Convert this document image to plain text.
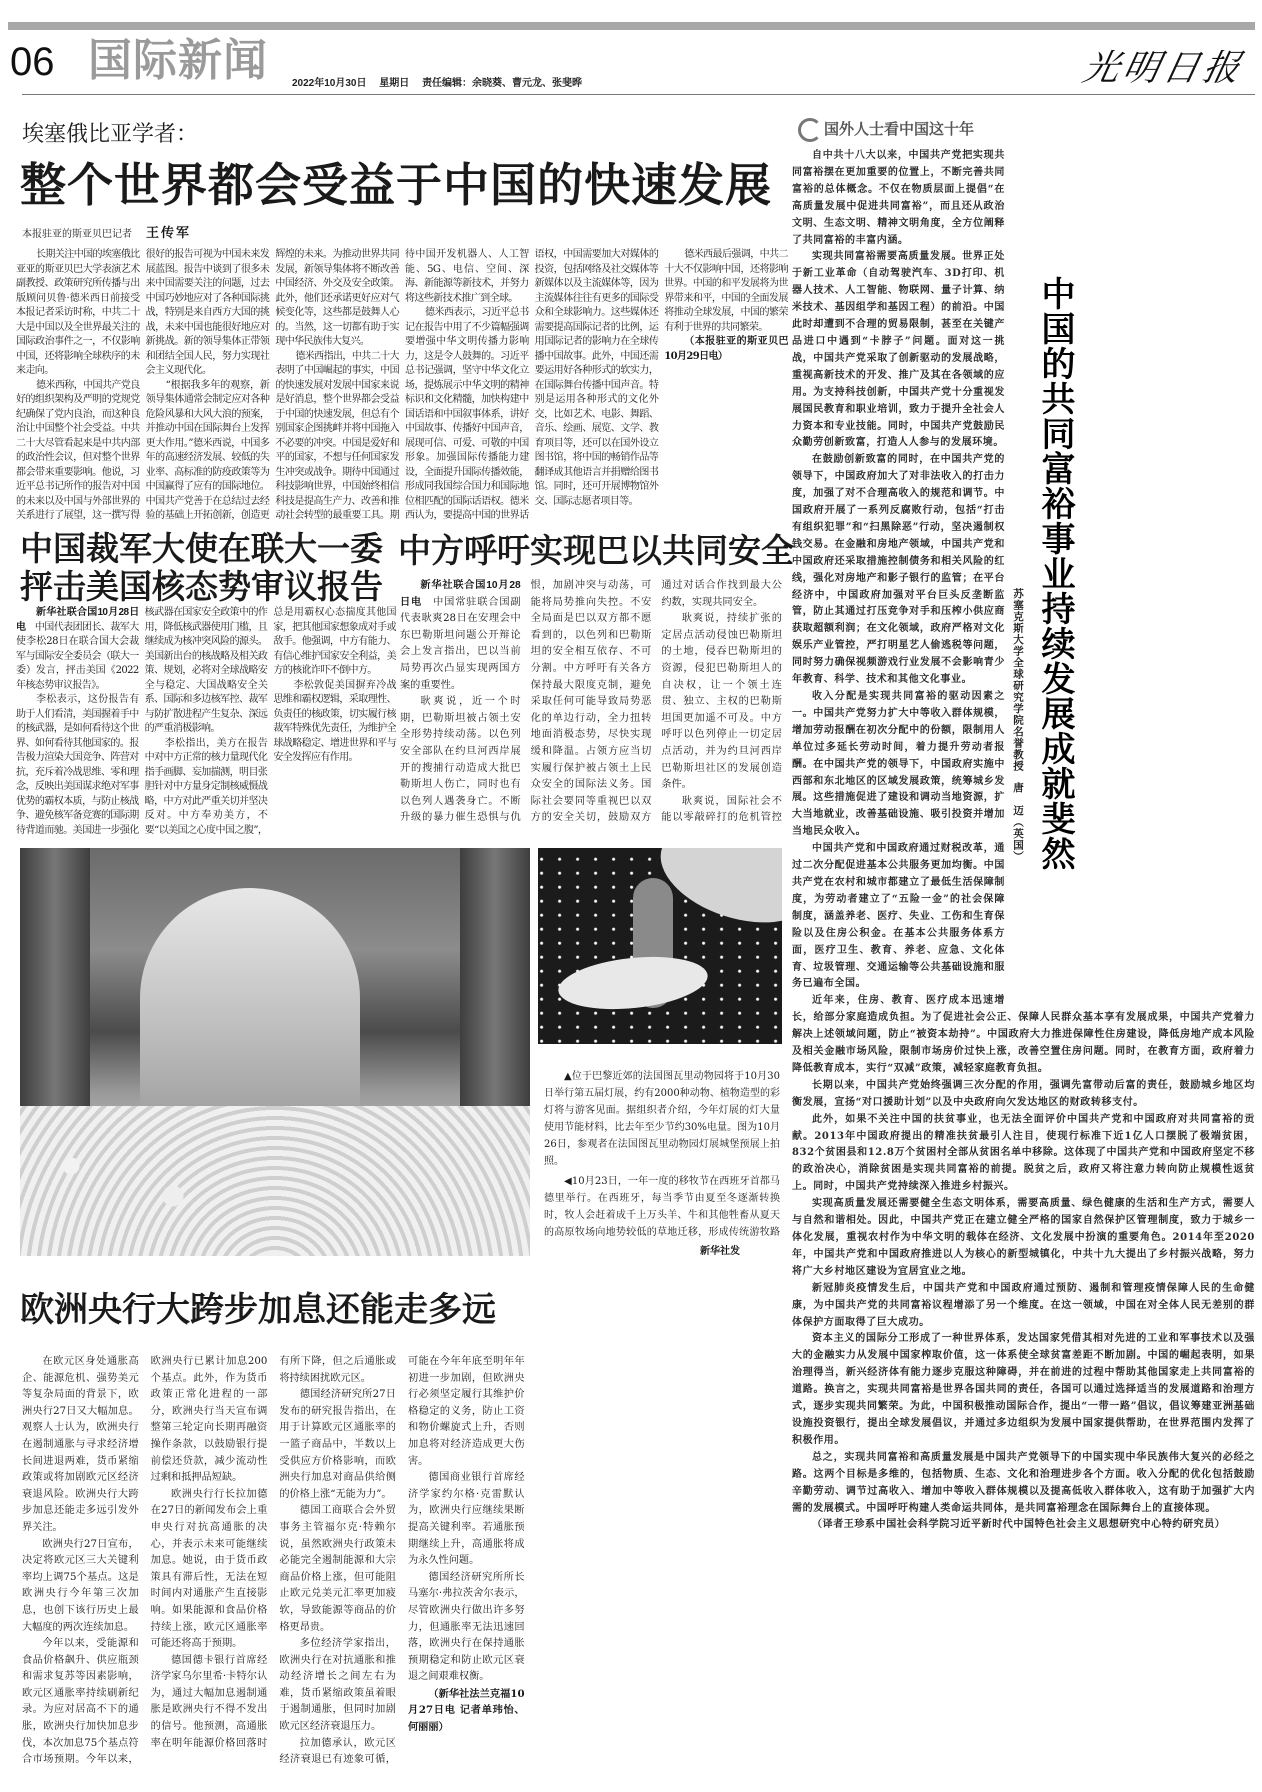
06 国际新闻 2022年10月30日 星期日 责任编辑：余晓葵、曹元龙、张斐晔	光明日报
埃塞俄比亚学者：
整个世界都会受益于中国的快速发展
本报驻亚的斯亚贝巴记者 王传军

长期关注中国的埃塞俄比亚亚的斯亚贝巴大学表演艺术副教授、政策研究所传播与出版顾问贝鲁·德米西日前接受本报记者采访时称，中共二十大是中国以及全世界最关注的国际政治事件之一，不仅影响中国，还将影响全球秩序的未来走向。

德米西称，中国共产党良好的组织架构及严明的党规党纪确保了党内良治，而这种良治让中国整个社会受益。中共二十大尽管看起来是中共内部的政治性会议，但对整个世界都会带来重要影响。他说，习近平总书记所作的报告对中国的未来以及中国与外部世界的关系进行了展望，这一撰写得很好的报告可视为中国未来发展蓝图。报告中谈到了很多未来中国需要关注的问题，过去中国巧妙地应对了各种国际挑战，特别是来自西方大国的挑战，未来中国也能很好地应对新挑战。新的领导集体正带领和团结全国人民，努力实现社会主义现代化。

“根据我多年的观察，新领导集体通常会制定应对各种危险风暴和大风大浪的预案，并推动中国在国际舞台上发挥更大作用。”德米西说，中国多年的高速经济发展、较低的失业率、高标准的防疫政策等为中国赢得了应有的国际地位。中国共产党善于在总结过去经验的基础上开拓创新，创造更辉煌的未来。为推动世界共同发展，新领导集体将不断改善中国经济、外交及安全政策。此外，他们还承诺更好应对气候变化等，这些都是鼓舞人心的。当然，这一切都有助于实现中华民族伟大复兴。

德米西指出，中共二十大表明了中国崛起的事实，中国的快速发展对发展中国家来说是好消息，整个世界都会受益于中国的快速发展，但总有个别国家企图挑衅并将中国拖入不必要的冲突。中国是爱好和平的国家，不想与任何国家发生冲突或战争。期待中国通过科技影响世界，中国始终相信科技是提高生产力、改善和推动社会转型的最重要工具。期待中国开发机器人、人工智能、5G、电信、空间、深海、新能源等新技术，并努力将这些新技术推广到全球。

德米西表示，习近平总书记在报告中用了不少篇幅强调要增强中华文明传播力影响力，这是令人鼓舞的。习近平总书记强调，坚守中华文化立场，提炼展示中华文明的精神标识和文化精髓，加快构建中国话语和中国叙事体系，讲好中国故事、传播好中国声音，展现可信、可爱、可敬的中国形象。加强国际传播能力建设，全面提升国际传播效能，形成同我国综合国力和国际地位相匹配的国际话语权。德米西认为，要提高中国的世界话语权，中国需要加大对媒体的投资，包括网络及社交媒体等新媒体以及主流媒体等，因为主流媒体往往有更多的国际受众和全球影响力。这些媒体还需要提高国际记者的比例，运用国际记者的影响力在全球传播中国故事。此外，中国还需要运用好各种形式的软实力，在国际舞台传播中国声音。特别是运用各种形式的文化外交，比如艺术、电影、舞蹈、音乐、绘画、展览、文学、教育项目等，还可以在国外设立图书馆，将中国的畅销作品等翻译成其他语言并捐赠给图书馆。同时，还可开展博物馆外交、国际志愿者项目等。

德米西最后强调，中共二十大不仅影响中国，还将影响世界。中国的和平发展将为世界带来和平，中国的全面发展将推动全球发展，中国的繁荣有利于世界的共同繁荣。

（本报驻亚的斯亚贝巴10月29日电）

中国裁军大使在联大一委
抨击美国核态势审议报告

新华社联合国10月28日电　 中国代表团团长、裁军大使李松28日在联合国大会裁军与国际安全委员会（联大一委）发言，抨击美国《2022年核态势审议报告》。

李松表示，这份报告有助于人们看清，美国握着手中的核武器，是如何看待这个世界、如何看待其他国家的。报告极力渲染大国竞争、阵营对抗，充斥着冷战思维、零和理念，反映出美国谋求绝对军事优势的霸权本质，与防止核战争、避免核军备竞赛的国际期待背道而驰。美国进一步强化核武器在国家安全政策中的作用，降低核武器使用门槛，且继续成为核冲突风险的源头。美国新出台的核战略及相关政策、规划，必将对全球战略安全与稳定、大国战略安全关系、国际和多边核军控、裁军与防扩散进程产生复杂、深远的严重消极影响。

李松指出，美方在报告中对中方正常的核力量现代化指手画脚、妄加揣测，明目张胆针对中方量身定制核威慑战略，中方对此严重关切并坚决反对。中方奉劝美方，不要“以美国之心度中国之腹”，总是用霸权心态揣度其他国家，把其他国家想象成对手或敌手。他强调，中方有能力、有信心维护国家安全利益，美方的核讹诈吓不倒中方。

李松敦促美国摒弃冷战思维和霸权逻辑，采取理性、负责任的核政策，切实履行核裁军特殊优先责任，为维护全球战略稳定、增进世界和平与安全发挥应有作用。

中方呼吁实现巴以共同安全

新华社联合国10月28日电　 中国常驻联合国副代表耿爽28日在安理会中东巴勒斯坦问题公开辩论会上发言指出，巴以当前局势再次凸显实现两国方案的重要性。

耿爽说，近一个时期，巴勒斯坦被占领土安全形势持续动荡。以色列安全部队在约旦河西岸展开的搜捕行动造成大批巴勒斯坦人伤亡，同时也有以色列人遇袭身亡。不断升级的暴力催生恐惧与仇恨，加剧冲突与动荡，可能将局势推向失控。不安全局面是巴以双方都不愿看到的，以色列和巴勒斯坦的安全相互依存、不可分割。中方呼吁有关各方保持最大限度克制，避免采取任何可能导致局势恶化的单边行动，全力扭转地面消极态势，尽快实现缓和降温。占领方应当切实履行保护被占领土上民众安全的国际法义务。国际社会要同等重视巴以双方的安全关切，鼓励双方通过对话合作找到最大公约数，实现共同安全。

耿爽说，持续扩张的定居点活动侵蚀巴勒斯坦的土地，侵吞巴勒斯坦的资源，侵犯巴勒斯坦人的自决权，让一个领土连贯、独立、主权的巴勒斯坦国更加遥不可及。中方呼吁以色列停止一切定居点活动，并为约旦河西岸巴勒斯坦社区的发展创造条件。

耿爽说，国际社会不能以零敲碎打的危机管控

▲位于巴黎近郊的法国图瓦里动物园将于10月30日举行第五届灯展，约有2000种动物、植物造型的彩灯将与游客见面。据组织者介绍，今年灯展的灯大量使用节能材料，比去年至少节约30%电量。图为10月26日，参观者在法国图瓦里动物园灯展城堡预展上拍照。

◀10月23日，一年一度的移牧节在西班牙首都马德里举行。在西班牙，每当季节由夏至冬逐渐转换时，牧人会赶着成千上万头羊、牛和其他牲畜从夏天的高原牧场向地势较低的草地迁移，形成传统游牧路

新华社发
欧洲央行大跨步加息还能走多远

在欧元区身处通胀高企、能源危机、强势美元等复杂局面的背景下，欧洲央行27日又大幅加息。观察人士认为，欧洲央行在遏制通胀与寻求经济增长间进退两难，货币紧缩政策或将加剧欧元区经济衰退风险。欧洲央行大跨步加息还能走多远引发外界关注。

欧洲央行27日宣布，决定将欧元区三大关键利率均上调75个基点。这是欧洲央行今年第三次加息，也创下该行历史上最大幅度的两次连续加息。

今年以来，受能源和食品价格飙升、供应瓶颈和需求复苏等因素影响，欧元区通胀率持续刷新纪录。为应对居高不下的通胀，欧洲央行加快加息步伐，本次加息75个基点符合市场预期。今年以来，欧洲央行已累计加息200个基点。此外，作为货币政策正常化进程的一部分，欧洲央行当天宣布调整第三轮定向长期再融资操作条款，以鼓励银行提前偿还贷款，减少流动性过剩和抵押品短缺。

欧洲央行行长拉加德在27日的新闻发布会上重申央行对抗高通胀的决心，并表示未来可能继续加息。她说，由于货币政策具有滞后性，无法在短时间内对通胀产生直接影响。如果能源和食品价格持续上涨，欧元区通胀率可能还将高于预期。

德国德卡银行首席经济学家乌尔里希·卡特尔认为，通过大幅加息遏制通胀是欧洲央行不得不发出的信号。他预测，高通胀率在明年能源价格回落时有所下降，但之后通胀或将持续困扰欧元区。

德国经济研究所27日发布的研究报告指出，在用于计算欧元区通胀率的一篮子商品中，半数以上受供应方价格影响，而欧洲央行加息对商品供给侧的价格上涨“无能为力”。

德国工商联合会外贸事务主管福尔克·特赖尔说，虽然欧洲央行政策未必能完全遏制能源和大宗商品价格上涨，但可能阻止欧元兑美元汇率更加疲软，导致能源等商品的价格更昂贵。

多位经济学家指出，欧洲央行在对抗通胀和推动经济增长之间左右为难，货币紧缩政策虽着眼于遏制通胀，但同时加剧欧元区经济衰退压力。

拉加德承认，欧元区经济衰退已有迹象可循，可能在今年年底至明年年初进一步加剧，但欧洲央行必须坚定履行其维护价格稳定的义务，防止工资和物价螺旋式上升，否则加息将对经济造成更大伤害。

德国商业银行首席经济学家约尔格·克雷默认为，欧洲央行应继续果断提高关键利率。若通胀预期继续上升，高通胀将成为永久性问题。

德国经济研究所所长马塞尔·弗拉茨舍尔表示，尽管欧洲央行做出许多努力，但通胀率无法迅速回落，欧洲央行在保持通胀预期稳定和防止欧元区衰退之间艰难权衡。

（新华社法兰克福10月27日电 记者单玮怡、何丽丽）

国外人士看中国这十年
中国的共同富裕事业持续发展成就斐然
苏塞克斯大学全球研究学院名誉教授唐　迈（英国）

自中共十八大以来，中国共产党把实现共同富裕摆在更加重要的位置上，不断完善共同富裕的总体概念。不仅在物质层面上提倡“在高质量发展中促进共同富裕”，而且还从政治文明、生态文明、精神文明角度，全方位阐释了共同富裕的丰富内涵。

实现共同富裕需要高质量发展。世界正处于新工业革命（自动驾驶汽车、3D打印、机器人技术、人工智能、物联网、量子计算、纳米技术、基因组学和基因工程）的前沿。中国此时却遭到不合理的贸易限制，甚至在关键产品进口中遇到“卡脖子”问题。面对这一挑战，中国共产党采取了创新驱动的发展战略，重视高新技术的开发、推广及其在各领域的应用。为支持科技创新，中国共产党十分重视发展国民教育和职业培训，致力于提升全社会人力资本和专业技能。同时，中国共产党鼓励民众勤劳创新致富，打造人人参与的发展环境。

在鼓励创新致富的同时，在中国共产党的领导下，中国政府加大了对非法收入的打击力度，加强了对不合理高收入的规范和调节。中国政府开展了一系列反腐败行动，包括“打击有组织犯罪”和“扫黑除恶”行动，坚决遏制权钱交易。在金融和房地产领域，中国共产党和中国政府还采取措施控制债务和相关风险的红线，强化对房地产和影子银行的监管；在平台经济中，中国政府加强对平台巨头反垄断监管，防止其通过打压竞争对手和压榨小供应商获取超额利润；在文化领域，政府严格对文化娱乐产业管控，严打明星艺人偷逃税等问题，同时努力确保视频游戏行业发展不会影响青少年教育、科学、技术和其他文化事业。

收入分配是实现共同富裕的驱动因素之一。中国共产党努力扩大中等收入群体规模，增加劳动报酬在初次分配中的份额，限制用人单位过多延长劳动时间，着力提升劳动者报酬。在中国共产党的领导下，中国政府实施中西部和东北地区的区域发展政策，统筹城乡发展。这些措施促进了建设和调动当地资源，扩大当地就业，改善基础设施、吸引投资并增加当地民众收入。

中国共产党和中国政府通过财税改革，通过二次分配促进基本公共服务更加均衡。中国共产党在农村和城市都建立了最低生活保障制度，为劳动者建立了“五险一金”的社会保障制度，涵盖养老、医疗、失业、工伤和生育保险以及住房公积金。在基本公共服务体系方面，医疗卫生、教育、养老、应急、文化体育、垃圾管理、交通运输等公共基础设施和服务已遍布全国。

近年来，住房、教育、医疗成本迅速增长，给部分家庭造成负担。为了促进社会公正、保障人民群众基本享有发展成果，中国共产党着力解决上述领域问题，防止“被资本劫持”。中国政府大力推进保障性住房建设，降低房地产成本风险及相关金融市场风险，限制市场房价过快上涨，改善空置住房问题。同时，在教育方面，政府着力降低教育成本，实行“双减”政策，减轻家庭教育负担。

长期以来，中国共产党始终强调三次分配的作用，强调先富带动后富的责任，鼓励城乡地区均衡发展，宣扬“对口援助计划”以及中央政府向欠发达地区的财政转移支付。

此外，如果不关注中国的扶贫事业，也无法全面评价中国共产党和中国政府对共同富裕的贡献。2013年中国政府提出的精准扶贫最引人注目，使现行标准下近1亿人口摆脱了极端贫困，832个贫困县和12.8万个贫困村全部从贫困名单中移除。这体现了中国共产党和中国政府坚定不移的政治决心，消除贫困是实现共同富裕的前提。脱贫之后，政府又将注意力转向防止规模性返贫上。同时，中国共产党持续深入推进乡村振兴。

实现高质量发展还需要健全生态文明体系，需要高质量、绿色健康的生活和生产方式，需要人与自然和谐相处。因此，中国共产党正在建立健全严格的国家自然保护区管理制度，致力于城乡一体化发展，重视农村作为中华文明的载体在经济、文化发展中扮演的重要角色。2014年至2020年，中国共产党和中国政府推进以人为核心的新型城镇化，中共十九大提出了乡村振兴战略，努力将广大乡村地区建设为宜居宜业之地。

新冠肺炎疫情发生后，中国共产党和中国政府通过预防、遏制和管理疫情保障人民的生命健康，为中国共产党的共同富裕议程增添了另一个维度。在这一领域，中国在对全体人民无差别的群体保护方面取得了巨大成功。

资本主义的国际分工形成了一种世界体系，发达国家凭借其相对先进的工业和军事技术以及强大的金融实力从发展中国家榨取价值，这一体系使全球贫富差距不断加剧。中国的崛起表明，如果治理得当，新兴经济体有能力逐步克服这种障碍，并在前进的过程中帮助其他国家走上共同富裕的道路。换言之，实现共同富裕是世界各国共同的责任，各国可以通过选择适当的发展道路和治理方式，逐步实现共同繁荣。为此，中国积极推动国际合作，提出“一带一路”倡议，倡议筹建亚洲基础设施投资银行，提出全球发展倡议，并通过多边组织为发展中国家提供帮助，在世界范围内发挥了积极作用。

总之，实现共同富裕和高质量发展是中国共产党领导下的中国实现中华民族伟大复兴的必经之路。这两个目标是多维的，包括物质、生态、文化和治理进步各个方面。收入分配的优化包括鼓励辛勤劳动、调节过高收入、增加中等收入群体规模以及提高低收入群体收入，这有助于加强扩大内需的发展模式。中国呼吁构建人类命运共同体，是共同富裕理念在国际舞台上的直接体现。

（译者王珍系中国社会科学院习近平新时代中国特色社会主义思想研究中心特约研究员）
